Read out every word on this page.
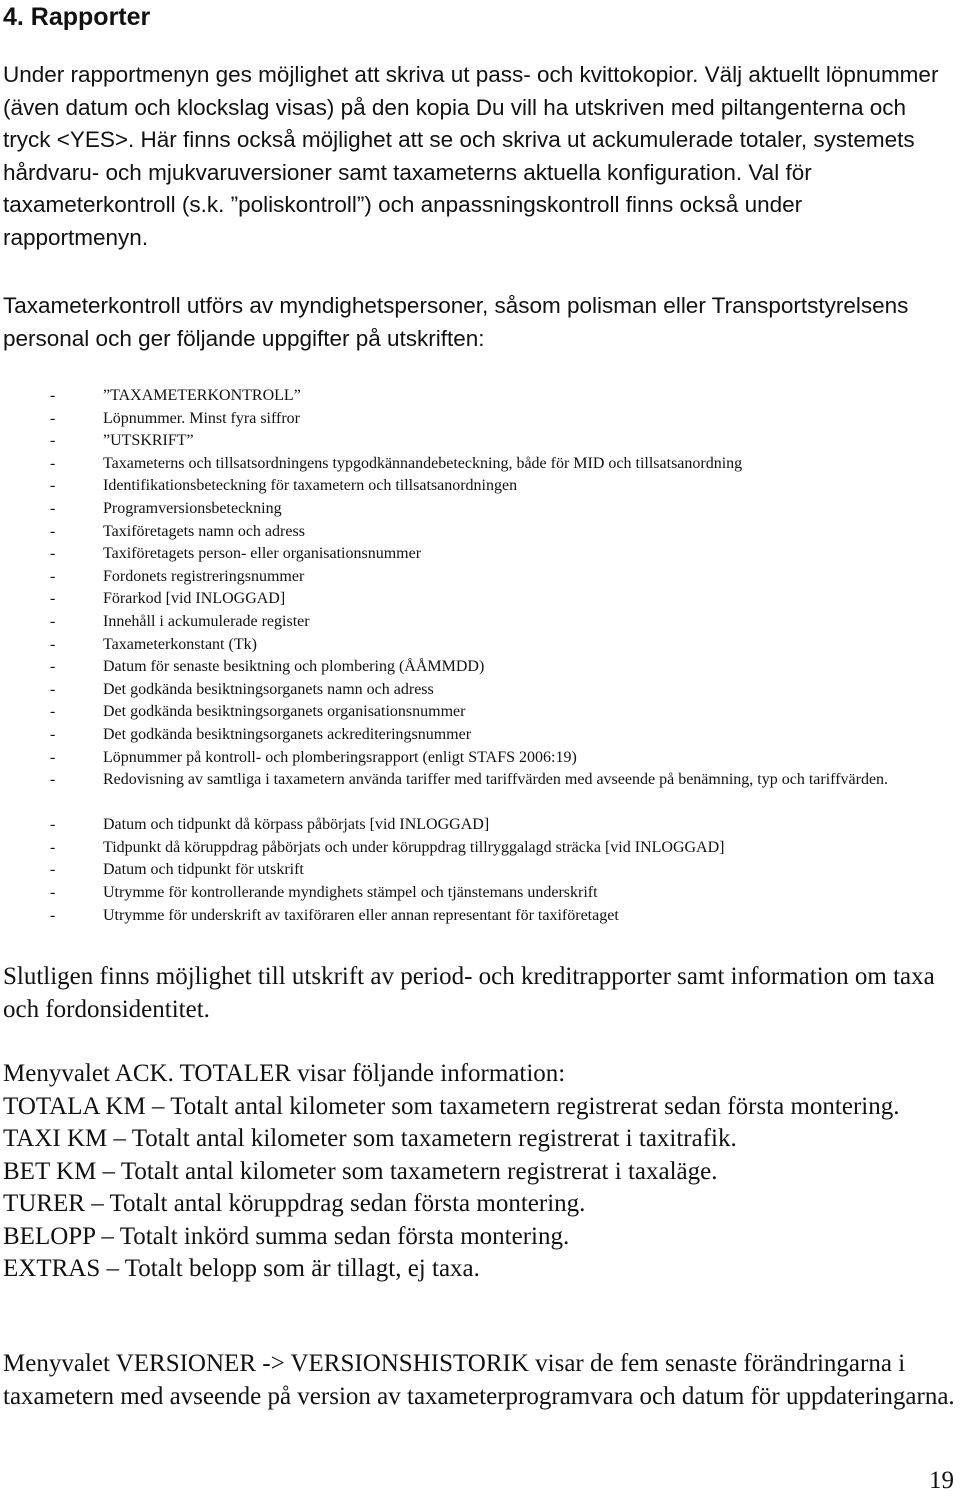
4. Rapporter

Under rapportmenyn ges möjlighet att skriva ut pass- och kvittokopior. Välj aktuellt löpnummer (även datum och klockslag visas) på den kopia Du vill ha utskriven med piltangenterna och tryck <YES>. Här finns också möjlighet att se och skriva ut ackumulerade totaler, systemets hårdvaru- och mjukvaruversioner samt taxameterns aktuella konfiguration. Val för taxameterkontroll (s.k. ”poliskontroll”) och anpassningskontroll finns också under rapportmenyn.

Taxameterkontroll utförs av myndighetspersoner, såsom polisman eller Transportstyrelsens personal och ger följande uppgifter på utskriften:

-	”TAXAMETERKONTROLL”
-	Löpnummer. Minst fyra siffror
-	”UTSKRIFT”
-	Taxameterns och tillsatsordningens typgodkännandebeteckning, både för MID och tillsatsanordning
-	Identifikationsbeteckning för taxametern och tillsatsanordningen
-	Programversionsbeteckning
-	Taxiföretagets namn och adress
-	Taxiföretagets person- eller organisationsnummer
-	Fordonets registreringsnummer
-	Förarkod [vid INLOGGAD]
-	Innehåll i ackumulerade register
-	Taxameterkonstant (Tk)
-	Datum för senaste besiktning och plombering (ÅÅMMDD)
-	Det godkända besiktningsorganets namn och adress
-	Det godkända besiktningsorganets organisationsnummer
-	Det godkända besiktningsorganets ackrediteringsnummer
-	Löpnummer på kontroll- och plomberingsrapport (enligt STAFS 2006:19)
-	Redovisning av samtliga i taxametern använda tariffer med tariffvärden med avseende på benämning, typ och tariffvärden.
-	Datum och tidpunkt då körpass påbörjats [vid INLOGGAD]
-	Tidpunkt då köruppdrag påbörjats och under köruppdrag tillryggalagd sträcka [vid INLOGGAD]
-	Datum och tidpunkt för utskrift
-	Utrymme för kontrollerande myndighets stämpel och tjänstemans underskrift
-	Utrymme för underskrift av taxiföraren eller annan representant för taxiföretaget

Slutligen finns möjlighet till utskrift av period- och kreditrapporter samt information om taxa och fordonsidentitet.

Menyvalet ACK. TOTALER visar följande information:

TOTALA KM – Totalt antal kilometer som taxametern registrerat sedan första montering.

TAXI KM – Totalt antal kilometer som taxametern registrerat i taxitrafik.

BET KM – Totalt antal kilometer som taxametern registrerat i taxaläge.

TURER – Totalt antal köruppdrag sedan första montering.

BELOPP – Totalt inkörd summa sedan första montering.

EXTRAS – Totalt belopp som är tillagt, ej taxa.

Menyvalet VERSIONER -> VERSIONSHISTORIK visar de fem senaste förändringarna i taxametern med avseende på version av taxameterprogramvara och datum för uppdateringarna.

19
